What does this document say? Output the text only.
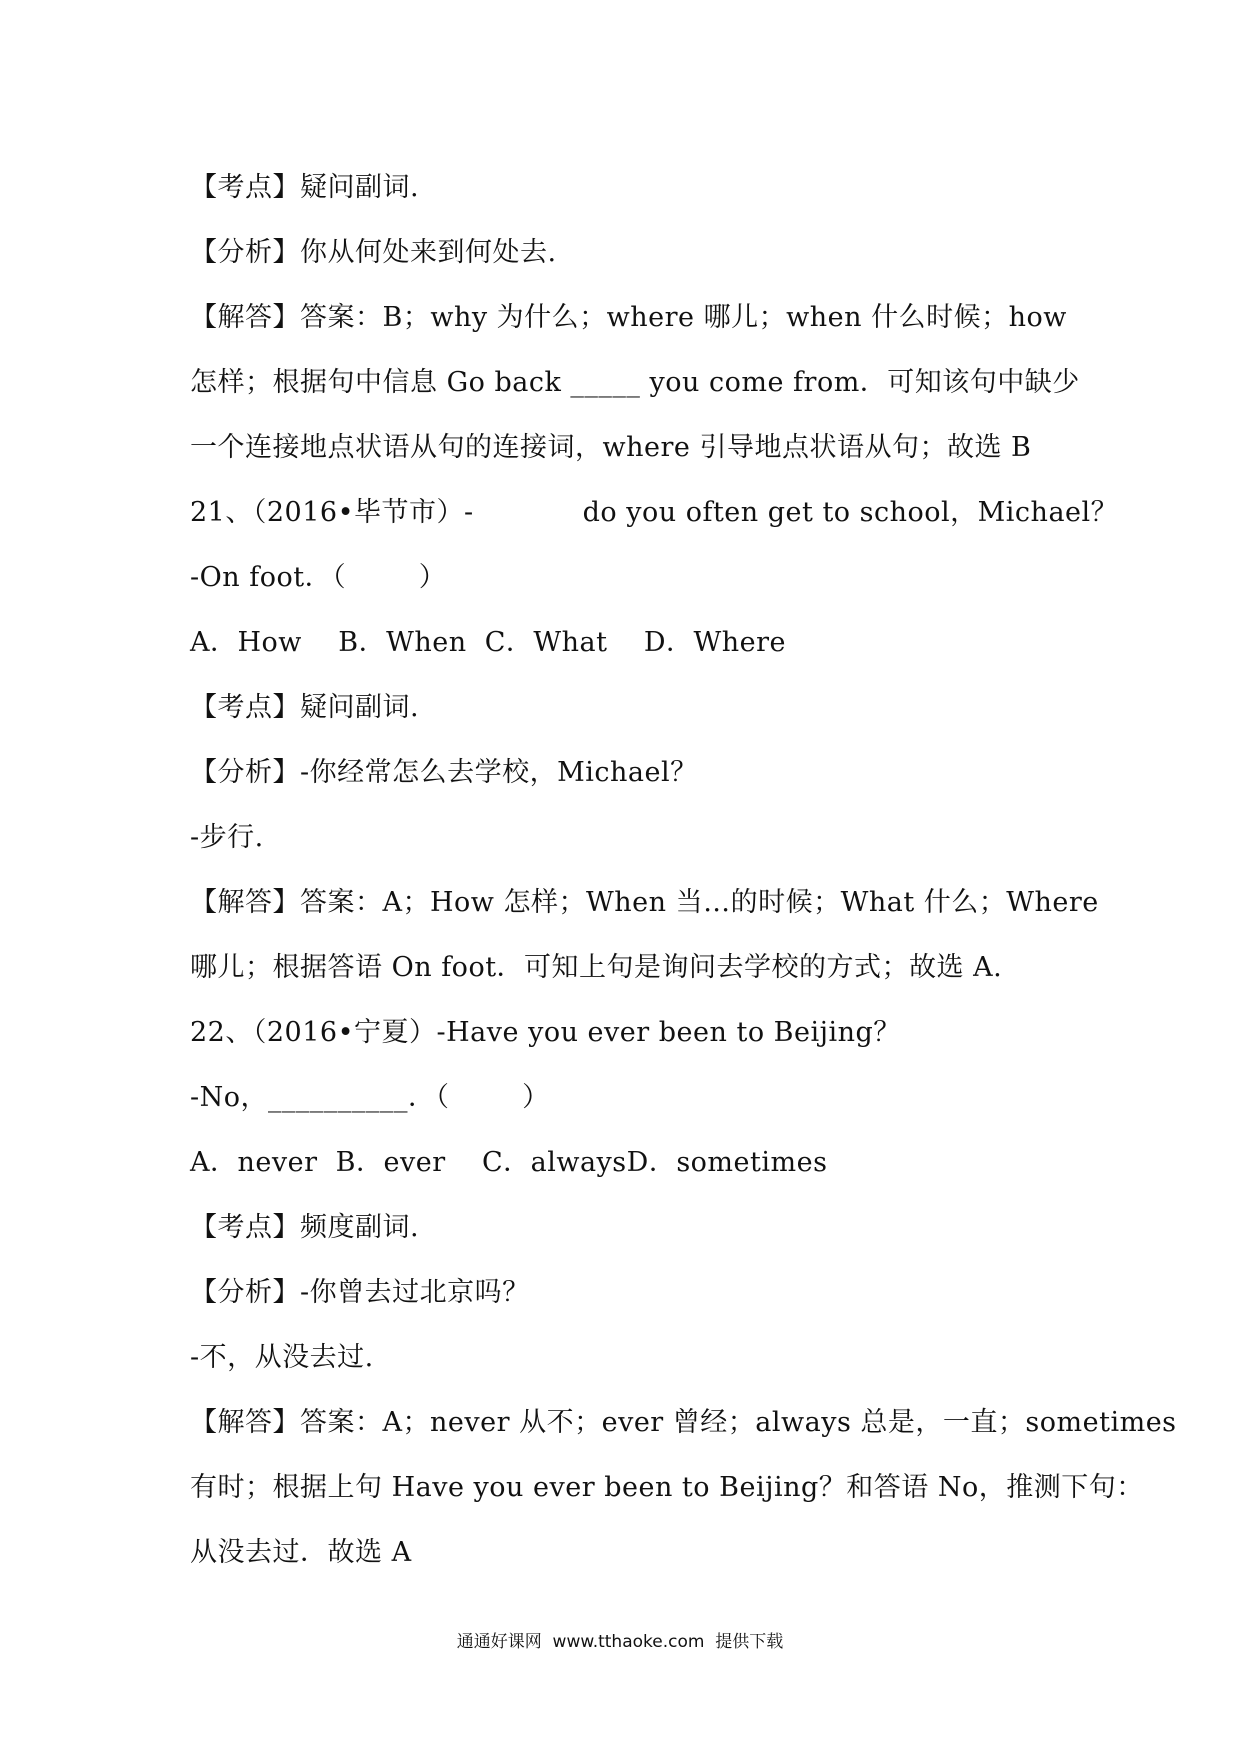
【考点】疑问副词.
【分析】你从何处来到何处去.
【解答】答案：B；why 为什么；where 哪儿；when 什么时候；how
怎样；根据句中信息 Go back _____ you come from．可知该句中缺少
一个连接地点状语从句的连接词，where 引导地点状语从句；故选 B
21、（2016•毕节市）-            do you often get to school，Michael？
-On foot．（        ）
A．How    B．When  C．What    D．Where
【考点】疑问副词.
【分析】-你经常怎么去学校，Michael？
-步行.
【解答】答案：A；How 怎样；When 当…的时候；What 什么；Where
哪儿；根据答语 On foot．可知上句是询问去学校的方式；故选 A.
22、（2016•宁夏）-Have you ever been to Beijing？
-No，__________．（        ）
A．never  B．ever    C．alwaysD．sometimes
【考点】频度副词.
【分析】-你曾去过北京吗？
-不，从没去过.
【解答】答案：A；never 从不；ever 曾经；always 总是，一直；sometimes
有时；根据上句 Have you ever been to Beijing？和答语 No，推测下句：
从没去过．故选 A
通通好课网  www.tthaoke.com  提供下载
